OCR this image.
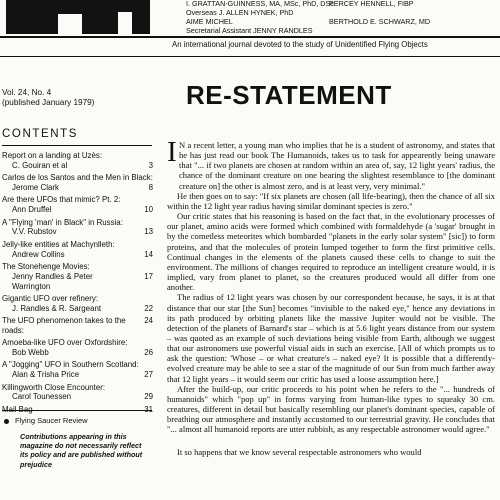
I. GRATTAN-GUINNESS, MA, MSc, PhD, DScPERCEY HENNELL, FIBP
Overseas J. ALLEN HYNEK, PhD
AIME MICHEL	BERTHOLD E. SCHWARZ, MD
Secretarial Assistant JENNY RANDLES
An international journal devoted to the study of Unidentified Flying Objects
Vol. 24, No. 4
(published January 1979)
CONTENTS
Report on a landing at Uzès:
C. Gouiran et al	3
Carlos de los Santos and the Men in Black:
Jerome Clark	8
Are there UFOs that mimic? Pt. 2:
Ann Druffel	10
A "Flying 'man' in Black" in Russia:
V.V. Rubstov	13
Jelly-like entities at Machynlleth:
Andrew Collins	14
The Stonehenge Movies:
Jenny Randles & Peter Warrington
17
Gigantic UFO over refinery:
J. Randles & R. Sargeant	22
The UFO phenomenon takes to the roads:
24
Amoeba-like UFO over Oxfordshire:
Bob Webb	26
A "Jogging" UFO in Southern Scotland:
Alan & Trisha Price	27
Killingworth Close Encounter:
Carol Tounessen	29
Mail Bag	31
Flying Saucer Review
Contributions appearing in this magazine do not necessarily reflect its policy and are published without prejudice
RE-STATEMENT
I N a recent letter, a young man who implies that he is a student of astronomy, and states that he has just read our book The Humanoids, takes us to task for appearently being unaware that "... if two planets are chosen at random within an area of, say, 12 light years' radius, the chance of the dominant creature on one bearing the slightest resemblance to [the dominant creature on] the other is almost zero, and is at least very, very minimal."

He then goes on to say: "If six planets are chosen (all life-bearing), then the chance of all six within the 12 light year radius having similar dominant species is zero."

Our critic states that his reasoning is based on the fact that, in the evolutionary processes of our planet, amino acids were formed which combined with formaldehyde (a 'sugar' brought in by the cometless meteorites which bombarded "planets in the early solar system" [sic]) to form proteins, and that the molecules of protein lumped together to form the first primitive cells. Continual changes in the elements of the planets caused these cells to change to suit the environment. The millions of changes required to reproduce an intelligent creature would, it is implied, vary from planet to planet, so the creatures produced would all differ from one another.

The radius of 12 light years was chosen by our correspondent because, he says, it is at that distance that our star [the Sun] becomes "invisible to the naked eye," hence any deviations in its path produced by orbiting planets like the massive Jupiter would not be visible. The detection of the planets of Barnard's star – which is at 5.6 light years distance from our system – was quoted as an example of such deviations being visible from Earth, although we suggest that our astronomers use powerful visual aids in such an exercise. [All of which prompts us to ask the question: 'Whose – or what creature's – naked eye? It is possible that a differently-evolved creature may be able to see a star of the magnitude of our Sun from much farther away that 12 light years – it would seem our critic has used a loose assumption here.]

After the build-up, our critic proceeds to his point when he refers to the "... hundreds of humanoids" which "pop up" in forms varying from human-like types to squeaky 30 cm. creatures, different in detail but basically resembling our planet's dominant species, capable of breathing our atmosphere and instantly accustomed to our terrestrial gravity. He concludes that "... almost all humanoid reports are utter rubbish, as any respectable astronomer would agree."

It so happens that we know several respectable astronomers who would
